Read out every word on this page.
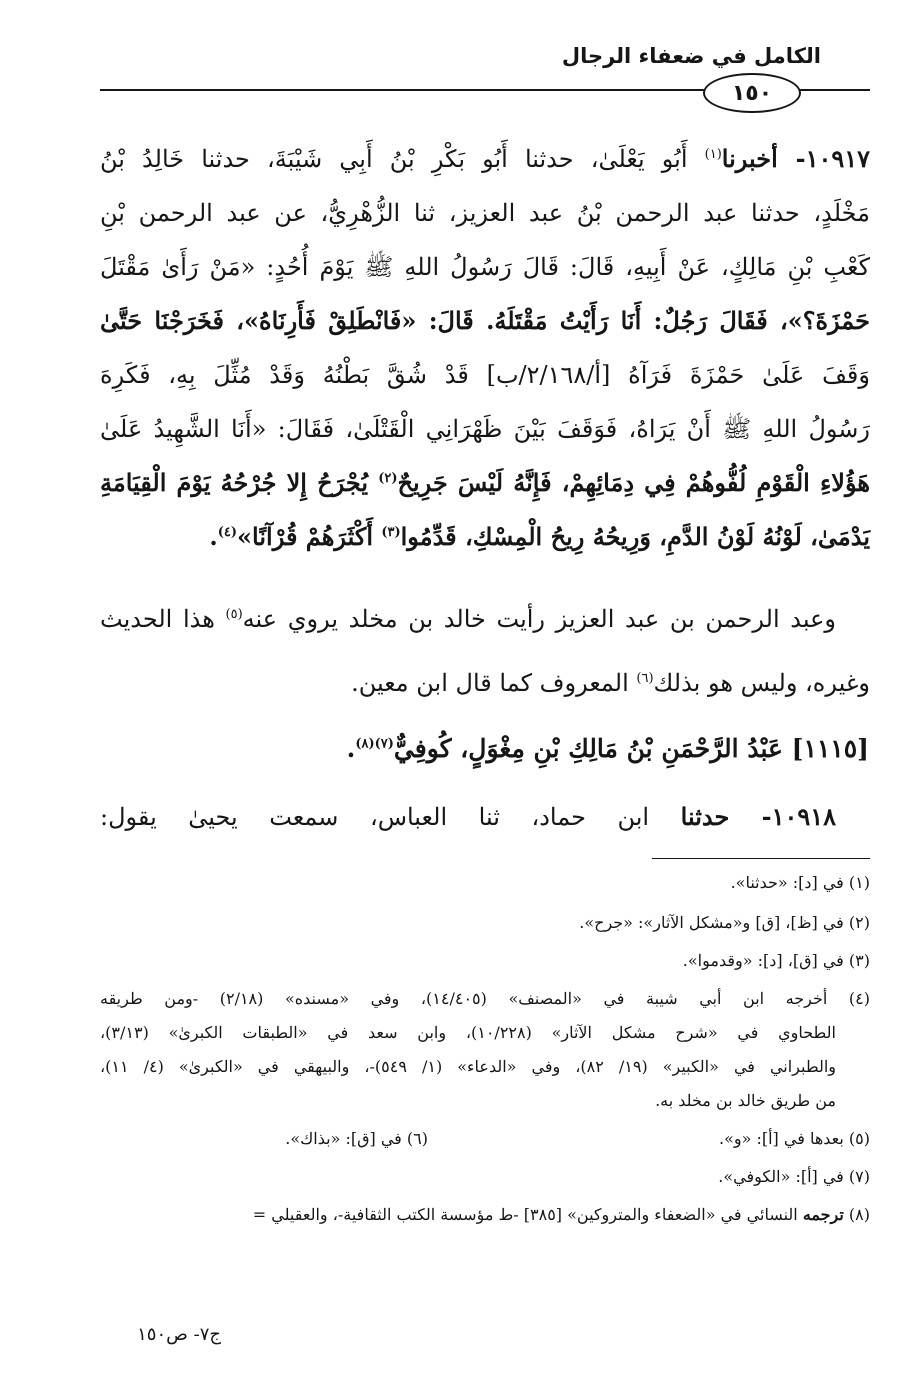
الكامل في ضعفاء الرجال
١٥٠
١٠٩١٧- أخبرنا$^{(١)}$ أَبُو يَعْلَىٰ، حدثنا أَبُو بَكْرِ بْنُ أَبِي شَيْبَةَ، حدثنا خَالِدُ بْنُ
مَخْلَدٍ، حدثنا عبد الرحمن بْنُ عبد العزيز، ثنا الزُّهْرِيُّ، عن عبد الرحمن بْنِ
كَعْبِ بْنِ مَالِكٍ، عَنْ أَبِيهِ، قَالَ: قَالَ رَسُولُ اللهِ ﷺ يَوْمَ أُحُدٍ: «مَنْ رَأَىٰ مَقْتَلَ
حَمْزَةَ؟»، فَقَالَ رَجُلٌ: أَنَا رَأَيْتُ مَقْتَلَهُ. قَالَ: «فَانْطَلِقْ فَأَرِنَاهُ»، فَخَرَجْنَا حَتَّىٰ
وَقَفَ عَلَىٰ حَمْزَةَ فَرَآهُ [أ/٢/١٦٨/ب] قَدْ شُقَّ بَطْنُهُ وَقَدْ مُثِّلَ بِهِ، فَكَرِهَ
رَسُولُ اللهِ ﷺ أَنْ يَرَاهُ، فَوَقَفَ بَيْنَ ظَهْرَانِي الْقَتْلَىٰ، فَقَالَ: «أَنَا الشَّهِيدُ عَلَىٰ
هَؤُلاءِ الْقَوْمِ لُفُّوهُمْ فِي دِمَائِهِمْ، فَإِنَّهُ لَيْسَ جَرِيحٌ$^{(٢)}$ يُجْرَحُ إِلا جُرْحُهُ يَوْمَ الْقِيَامَةِ
يَدْمَىٰ، لَوْنُهُ لَوْنُ الدَّمِ، وَرِيحُهُ رِيحُ الْمِسْكِ، قَدِّمُوا$^{(٣)}$ أَكْثَرَهُمْ قُرْآنًا»$^{(٤)}$.
وعبد الرحمن بن عبد العزيز رأيت خالد بن مخلد يروي عنه$^{(٥)}$ هذا الحديث
وغيره، وليس هو بذلك$^{(٦)}$ المعروف كما قال ابن معين.
[١١١٥] عَبْدُ الرَّحْمَنِ بْنُ مَالِكِ بْنِ مِغْوَلٍ، كُوفِيٌّ$^{(٧)(٨)}$.
١٠٩١٨- حدثنا ابن حماد، ثنا العباس، سمعت يحيىٰ يقول:
(١) في [د]: «حدثنا».
(٢) في [ظ]، [ق] و«مشكل الآثار»: «جرح».
(٣) في [ق]، [د]: «وقدموا».
(٤) أخرجه ابن أبي شيبة في «المصنف» (١٤/٤٠٥)، وفي «مسنده» (٢/١٨) -ومن طريقه
الطحاوي في «شرح مشكل الآثار» (١٠/٢٢٨)، وابن سعد في «الطبقات الكبرىٰ» (٣/١٣)،
والطبراني في «الكبير» (١٩/ ٨٢)، وفي «الدعاء» (١/ ٥٤٩)-، والبيهقي في «الكبرىٰ» (٤/ ١١)،
من طريق خالد بن مخلد به.
(٥) بعدها في [أ]: «و».
(٦) في [ق]: «بذاك».
(٧) في [أ]: «الكوفي».
(٨) ترجمه النسائي في «الضعفاء والمتروكين» [٣٨٥] -ط مؤسسة الكتب الثقافية-، والعقيلي =
ج٧- ص١٥٠
